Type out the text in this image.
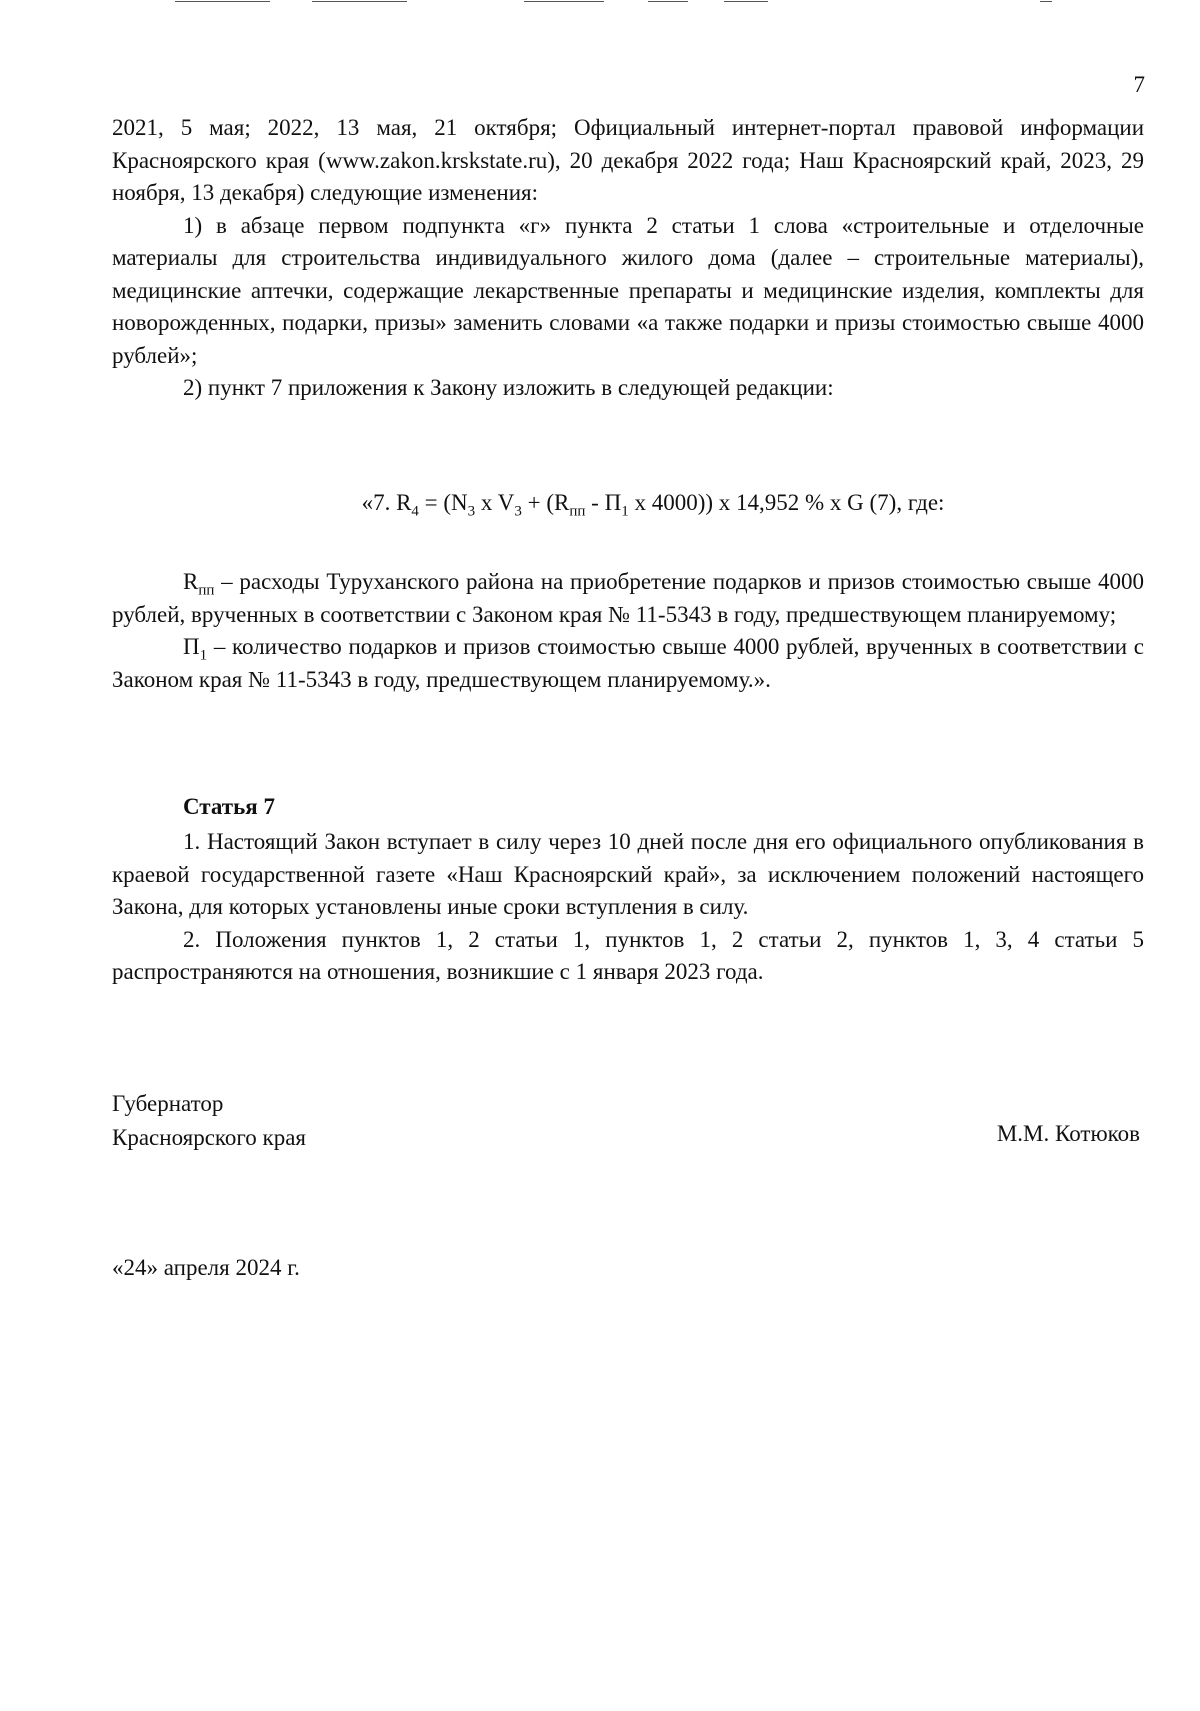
7

2021, 5 мая; 2022, 13 мая, 21 октября; Официальный интернет-портал правовой информации Красноярского края (www.zakon.krskstate.ru), 20 декабря 2022 года; Наш Красноярский край, 2023, 29 ноября, 13 декабря) следующие изменения:

1) в абзаце первом подпункта «г» пункта 2 статьи 1 слова «строительные и отделочные материалы для строительства индивидуального жилого дома (далее – строительные материалы), медицинские аптечки, содержащие лекарственные препараты и медицинские изделия, комплекты для новорожденных, подарки, призы» заменить словами «а также подарки и призы стоимостью свыше 4000 рублей»;

2) пункт 7 приложения к Закону изложить в следующей редакции:

«7. $R_4 = (N_3$ x $V_3 + (R_{пп} - П_1$ x 4000)) x 14,952 % x G (7), где:

$R_{пп}$ – расходы Туруханского района на приобретение подарков и призов стоимостью свыше 4000 рублей, врученных в соответствии с Законом края № 11-5343 в году, предшествующем планируемому;

$П_1$ – количество подарков и призов стоимостью свыше 4000 рублей, врученных в соответствии с Законом края № 11-5343 в году, предшествующем планируемому.».

Статья 7

1. Настоящий Закон вступает в силу через 10 дней после дня его официального опубликования в краевой государственной газете «Наш Красноярский край», за исключением положений настоящего Закона, для которых установлены иные сроки вступления в силу.

2. Положения пунктов 1, 2 статьи 1, пунктов 1, 2 статьи 2, пунктов 1, 3, 4 статьи 5 распространяются на отношения, возникшие с 1 января 2023 года.

Губернатор
Красноярского края	М.М. Котюков
«24» апреля 2024 г.
